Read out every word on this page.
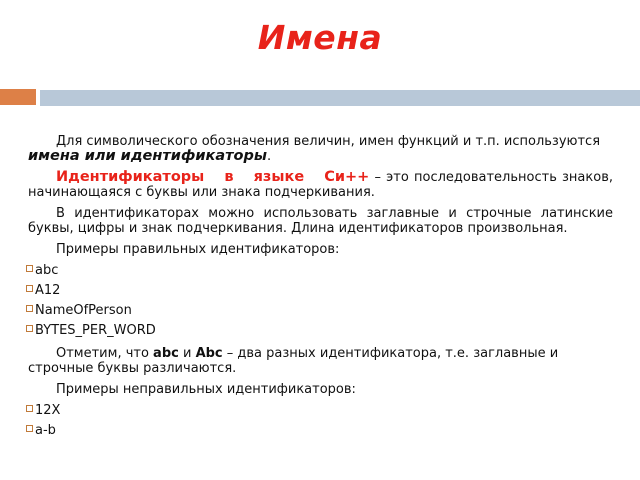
Имена

Для символического обозначения величин, имен функций и т.п. используются имена или идентификаторы.

Идентификаторы в языке Си++ – это последовательность знаков, начинающаяся с буквы или знака подчеркивания.

В идентификаторах можно использовать заглавные и строчные латинские буквы, цифры и знак подчеркивания. Длина идентификаторов произвольная.

Примеры правильных идентификаторов:

abc
A12
NameOfPerson
BYTES_PER_WORD

Отметим, что abc и Abc – два разных идентификатора, т.е. заглавные и строчные буквы различаются.

Примеры неправильных идентификаторов:

12X
a-b
